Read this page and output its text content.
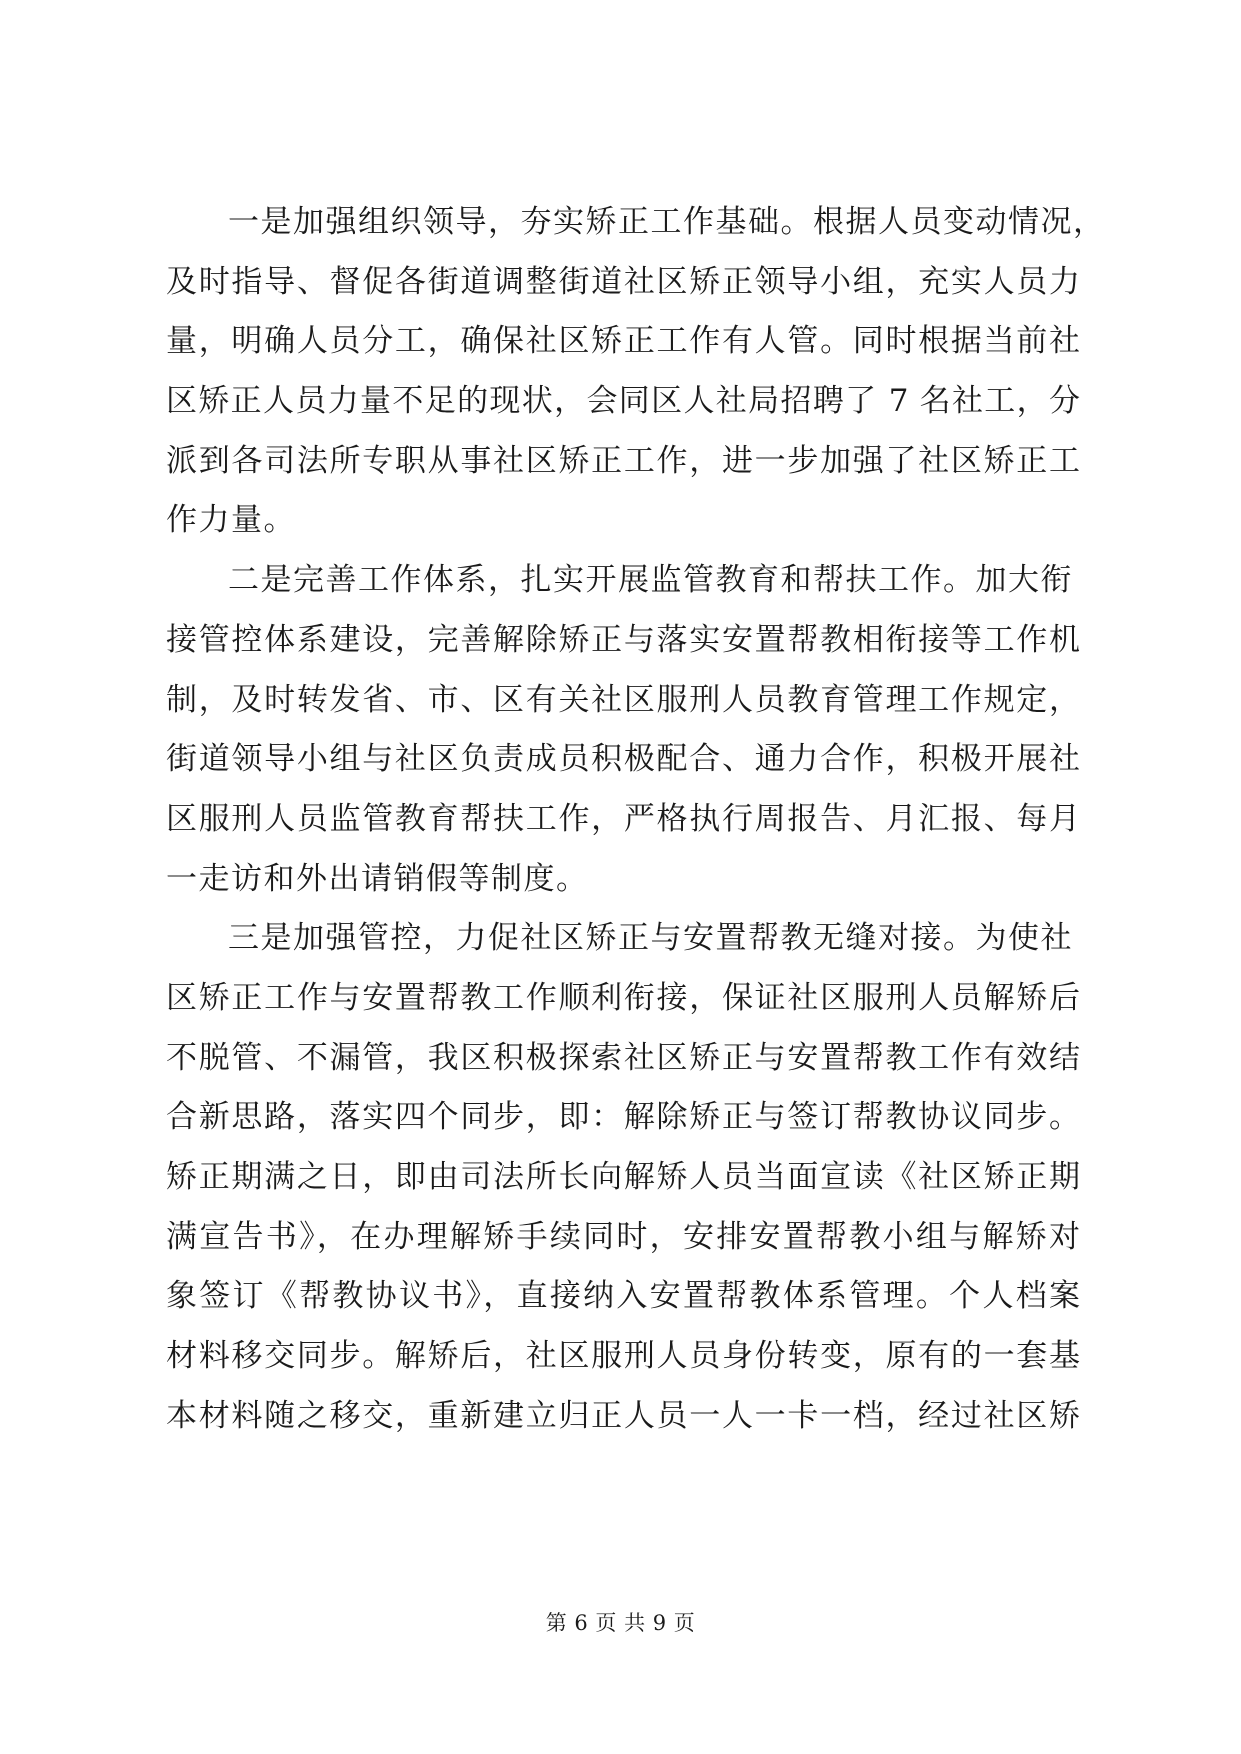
一是加强组织领导，夯实矫正工作基础。根据人员变动情况，
及时指导、督促各街道调整街道社区矫正领导小组，充实人员力
量，明确人员分工，确保社区矫正工作有人管。同时根据当前社
区矫正人员力量不足的现状，会同区人社局招聘了 7 名社工，分
派到各司法所专职从事社区矫正工作，进一步加强了社区矫正工
作力量。
二是完善工作体系，扎实开展监管教育和帮扶工作。加大衔
接管控体系建设，完善解除矫正与落实安置帮教相衔接等工作机
制，及时转发省、市、区有关社区服刑人员教育管理工作规定，
街道领导小组与社区负责成员积极配合、通力合作，积极开展社
区服刑人员监管教育帮扶工作，严格执行周报告、月汇报、每月
一走访和外出请销假等制度。
三是加强管控，力促社区矫正与安置帮教无缝对接。为使社
区矫正工作与安置帮教工作顺利衔接，保证社区服刑人员解矫后
不脱管、不漏管，我区积极探索社区矫正与安置帮教工作有效结
合新思路，落实四个同步，即：解除矫正与签订帮教协议同步。
矫正期满之日，即由司法所长向解矫人员当面宣读《社区矫正期
满宣告书》，在办理解矫手续同时，安排安置帮教小组与解矫对
象签订《帮教协议书》，直接纳入安置帮教体系管理。个人档案
材料移交同步。解矫后，社区服刑人员身份转变，原有的一套基
本材料随之移交，重新建立归正人员一人一卡一档，经过社区矫
第 6 页 共 9 页
